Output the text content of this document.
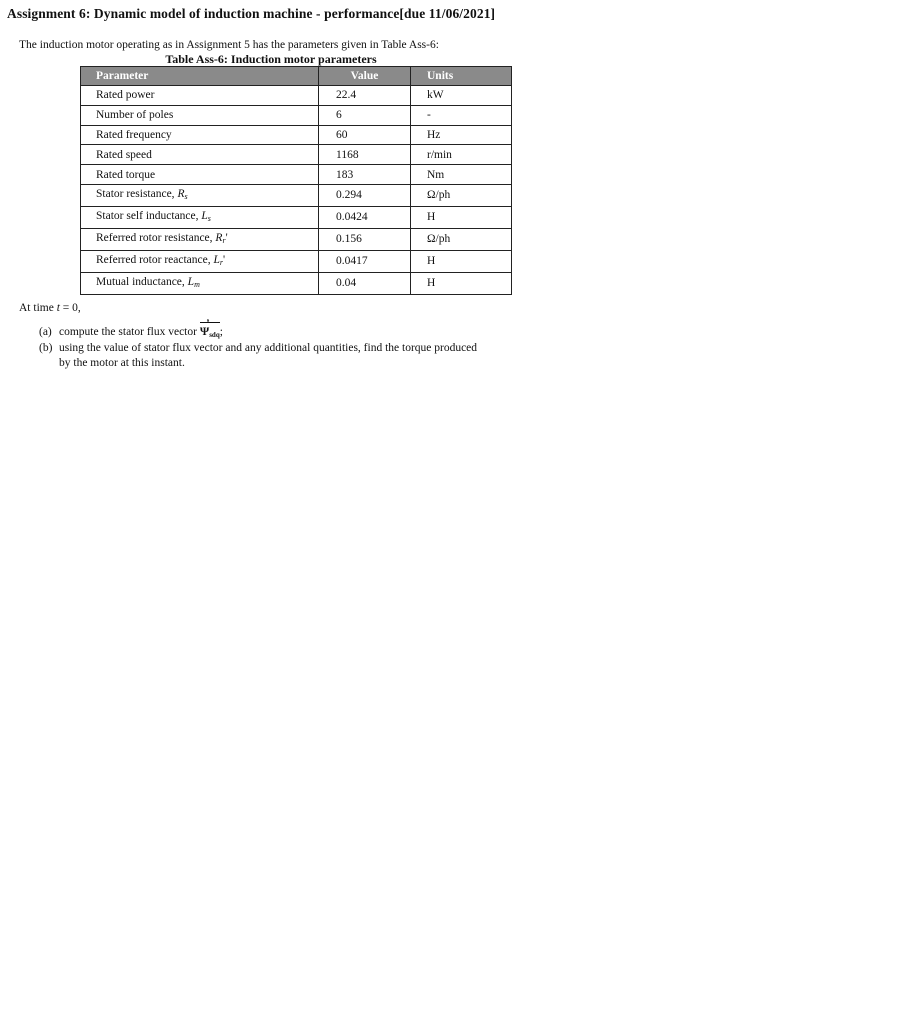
Assignment 6: Dynamic model of induction machine - performance[due 11/06/2021]
The induction motor operating as in Assignment 5 has the parameters given in Table Ass-6:
Table Ass-6: Induction motor parameters
Parameter	Value	Units
Rated power	22.4	kW
Number of poles	6	-
Rated frequency	60	Hz
Rated speed	1168	r/min
Rated torque	183	Nm
Stator resistance, $R_s$	0.294	Ω/ph
Stator self inductance, $L_s$	0.0424	H
Referred rotor resistance, $R_r'$	0.156	Ω/ph
Referred rotor reactance, $L_r'$	0.0417	H
Mutual inductance, $L_m$	0.04	H
At time t = 0,
(a) compute the stator flux vector
Ψ
s
sdq;
(b) using the value of stator flux vector and any additional quantities, find the torque produced
by the motor at this instant.
